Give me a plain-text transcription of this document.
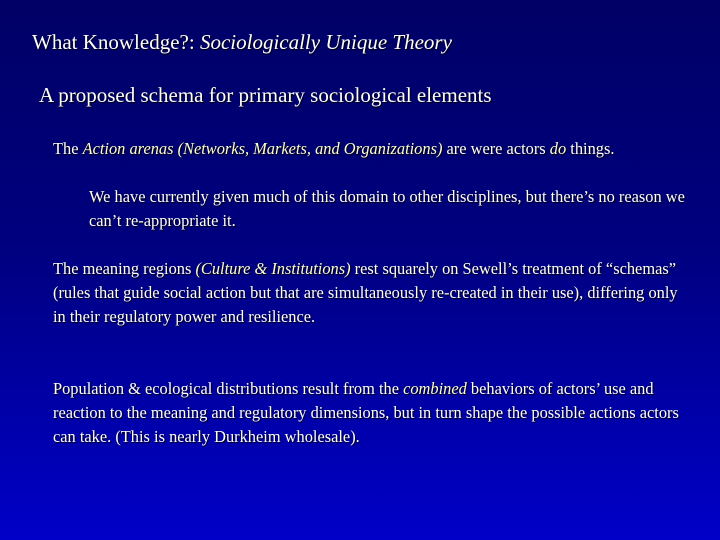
What Knowledge?: Sociologically Unique Theory
A proposed schema for primary sociological elements
The Action arenas (Networks, Markets, and Organizations) are were actors do things.
We have currently given much of this domain to other disciplines, but there’s no reason we can’t re-appropriate it.
The meaning regions (Culture & Institutions) rest squarely on Sewell’s treatment of “schemas” (rules that guide social action but that are simultaneously re-created in their use), differing only in their regulatory power and resilience.
Population & ecological distributions result from the combined behaviors of actors’ use and reaction to the meaning and regulatory dimensions, but in turn shape the possible actions actors can take. (This is nearly Durkheim wholesale).
